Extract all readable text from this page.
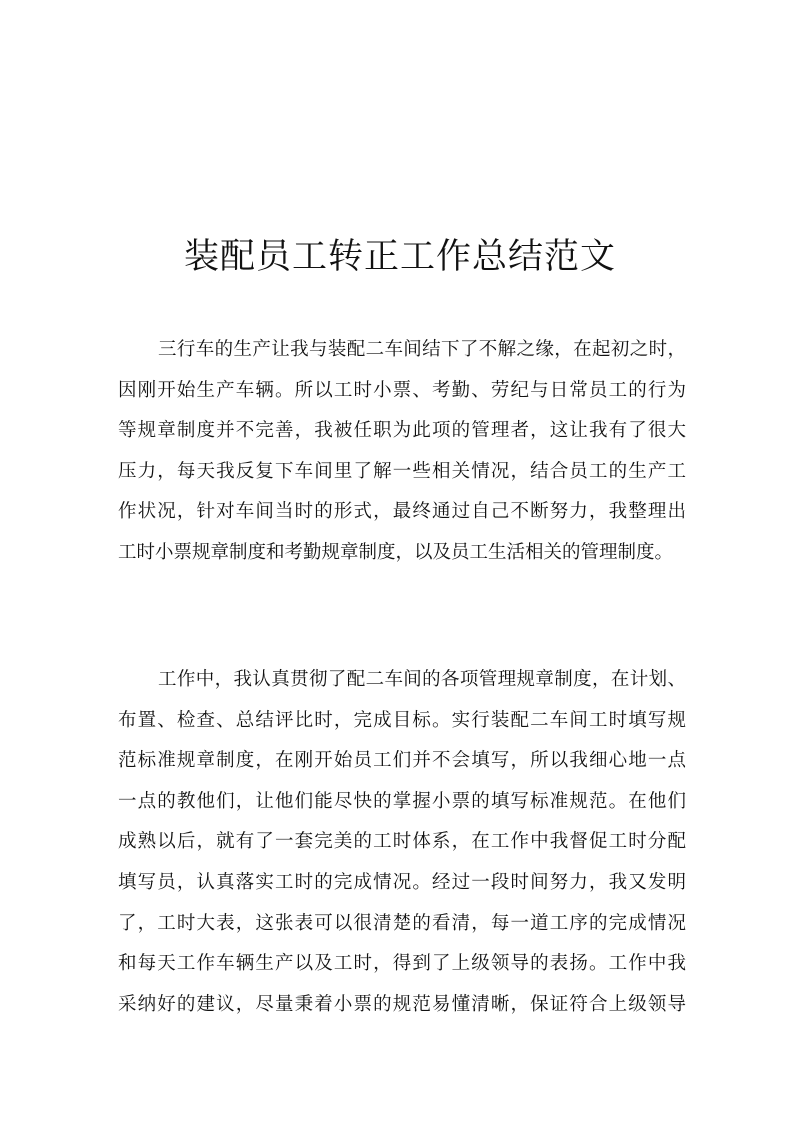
装配员工转正工作总结范文
三行车的生产让我与装配二车间结下了不解之缘，在起初之时，
因刚开始生产车辆。所以工时小票、考勤、劳纪与日常员工的行为
等规章制度并不完善，我被任职为此项的管理者，这让我有了很大
压力，每天我反复下车间里了解一些相关情况，结合员工的生产工
作状况，针对车间当时的形式，最终通过自己不断努力，我整理出
工时小票规章制度和考勤规章制度，以及员工生活相关的管理制度。
工作中，我认真贯彻了配二车间的各项管理规章制度，在计划、
布置、检查、总结评比时，完成目标。实行装配二车间工时填写规
范标准规章制度，在刚开始员工们并不会填写，所以我细心地一点
一点的教他们，让他们能尽快的掌握小票的填写标准规范。在他们
成熟以后，就有了一套完美的工时体系，在工作中我督促工时分配
填写员，认真落实工时的完成情况。经过一段时间努力，我又发明
了，工时大表，这张表可以很清楚的看清，每一道工序的完成情况
和每天工作车辆生产以及工时，得到了上级领导的表扬。工作中我
采纳好的建议，尽量秉着小票的规范易懂清晰，保证符合上级领导
